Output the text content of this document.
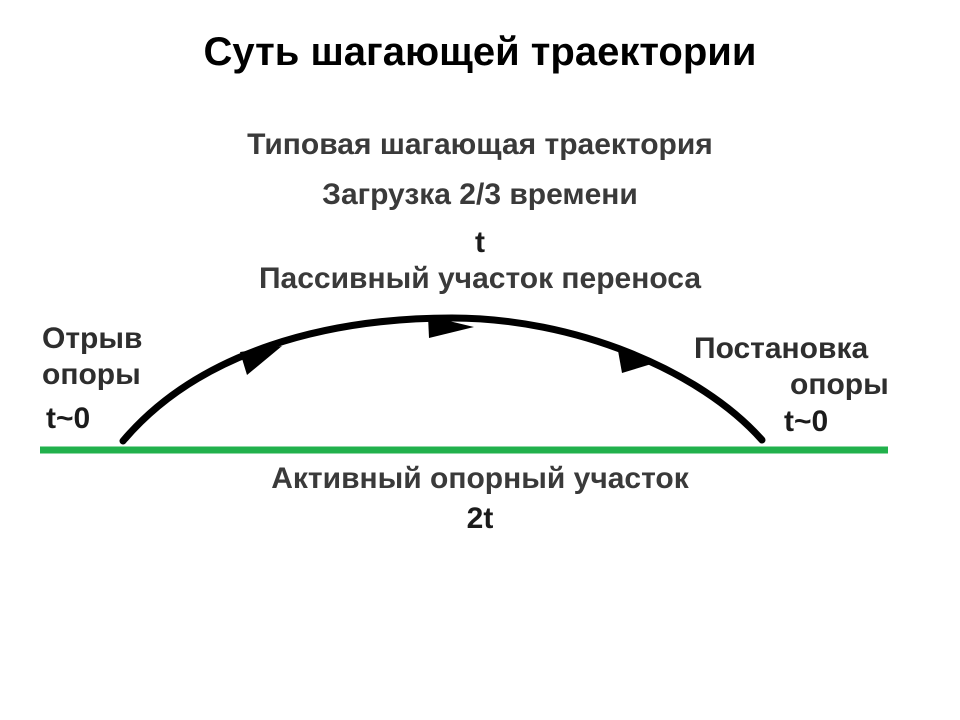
Суть шагающей траектории
Типовая шагающая траектория
Загрузка 2/3 времени
t
Пассивный участок переноса
Отрыв
опоры
t~0
Постановка
опоры
t~0
Активный опорный участок
2t
